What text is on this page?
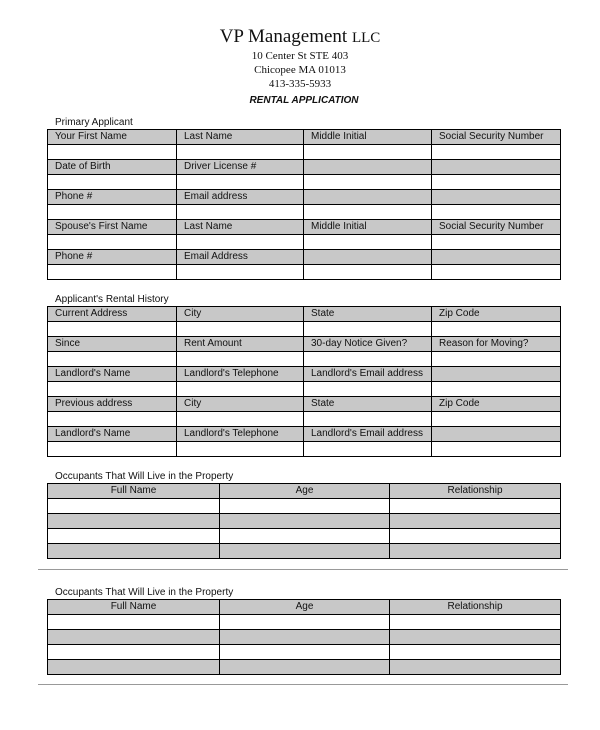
VP Management LLC
10 Center St STE 403
Chicopee MA 01013
413-335-5933
RENTAL APPLICATION
Primary Applicant
Your First Name	Last Name	Middle Initial	Social Security Number

Date of Birth	Driver License #		

Phone #	Email address		

Spouse's First Name	Last Name	Middle Initial	Social Security Number

Phone #	Email Address		

Applicant's Rental History
Current Address	City	State	Zip Code

Since	Rent Amount	30-day Notice Given?	Reason for Moving?

Landlord's Name	Landlord's Telephone	Landlord's Email address	

Previous address	City	State	Zip Code

Landlord's Name	Landlord's Telephone	Landlord's Email address	

Occupants That Will Live in the Property
Full Name	Age	Relationship

Occupants That Will Live in the Property
Full Name	Age	Relationship
